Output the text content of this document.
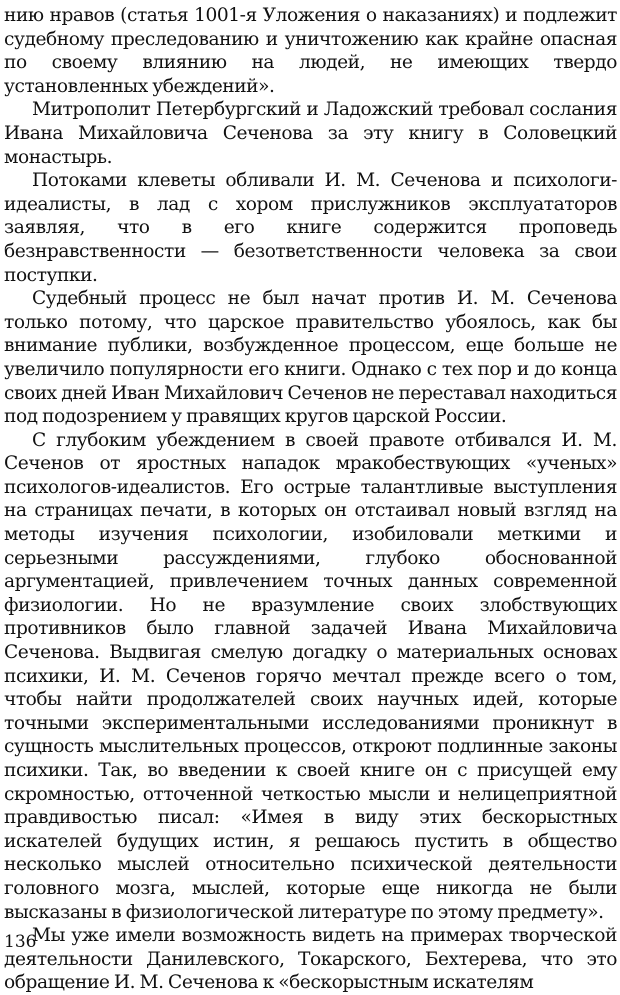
нию нравов (статья 1001-я Уложения о наказаниях) и подлежит судебному преследованию и уничтожению как крайне опасная по своему влиянию на людей, не имеющих твердо установленных убеждений».

Митрополит Петербургский и Ладожский требовал сослания Ивана Михайловича Сеченова за эту книгу в Соловецкий монастырь.

Потоками клеветы обливали И. М. Сеченова и психологи-идеалисты, в лад с хором прислужников эксплуататоров заявляя, что в его книге содержится проповедь безнравственности — безответственности человека за свои поступки.

Судебный процесс не был начат против И. М. Сеченова только потому, что царское правительство убоялось, как бы внимание публики, возбужденное процессом, еще больше не увеличило популярности его книги. Однако с тех пор и до конца своих дней Иван Михайлович Сеченов не переставал находиться под подозрением у правящих кругов царской России.

С глубоким убеждением в своей правоте отбивался И. М. Сеченов от яростных нападок мракобествующих «ученых» психологов-идеалистов. Его острые талантливые выступления на страницах печати, в которых он отстаивал новый взгляд на методы изучения психологии, изобиловали меткими и серьезными рассуждениями, глубоко обоснованной аргументацией, привлечением точных данных современной физиологии. Но не вразумление своих злобствующих противников было главной задачей Ивана Михайловича Сеченова. Выдвигая смелую догадку о материальных основах психики, И. М. Сеченов горячо мечтал прежде всего о том, чтобы найти продолжателей своих научных идей, которые точными экспериментальными исследованиями проникнут в сущность мыслительных процессов, откроют подлинные законы психики. Так, во введении к своей книге он с присущей ему скромностью, отточенной четкостью мысли и нелицеприятной правдивостью писал: «Имея в виду этих бескорыстных искателей будущих истин, я решаюсь пустить в общество несколько мыслей относительно психической деятельности головного мозга, мыслей, которые еще никогда не были высказаны в физиологической литературе по этому предмету».

Мы уже имели возможность видеть на примерах творческой деятельности Данилевского, Токарского, Бехтерева, что это обращение И. М. Сеченова к «бескорыстным искателям

136
